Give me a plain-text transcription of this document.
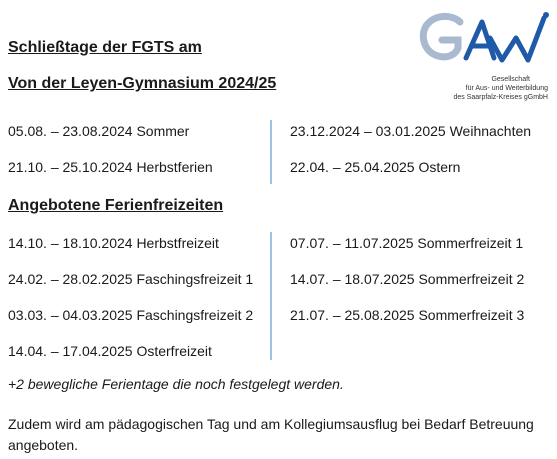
Schließtage der FGTS am
Von der Leyen-Gymnasium 2024/25	Gesellschaft
für Aus- und Weiterbildung
des Saarpfalz-Kreises gGmbH
05.08. – 23.08.2024 Sommer
21.10. – 25.10.2024 Herbstferien
23.12.2024 – 03.01.2025 Weihnachten
22.04. – 25.04.2025 Ostern
Angebotene Ferienfreizeiten
14.10. – 18.10.2024 Herbstfreizeit
24.02. – 28.02.2025 Faschingsfreizeit 1
03.03. – 04.03.2025 Faschingsfreizeit 2
14.04. – 17.04.2025 Osterfreizeit
07.07. – 11.07.2025 Sommerfreizeit 1
14.07. – 18.07.2025 Sommerfreizeit 2
21.07. – 25.08.2025 Sommerfreizeit 3
+2 bewegliche Ferientage die noch festgelegt werden.
Zudem wird am pädagogischen Tag und am Kollegiumsausflug bei Bedarf Betreuung angeboten.
